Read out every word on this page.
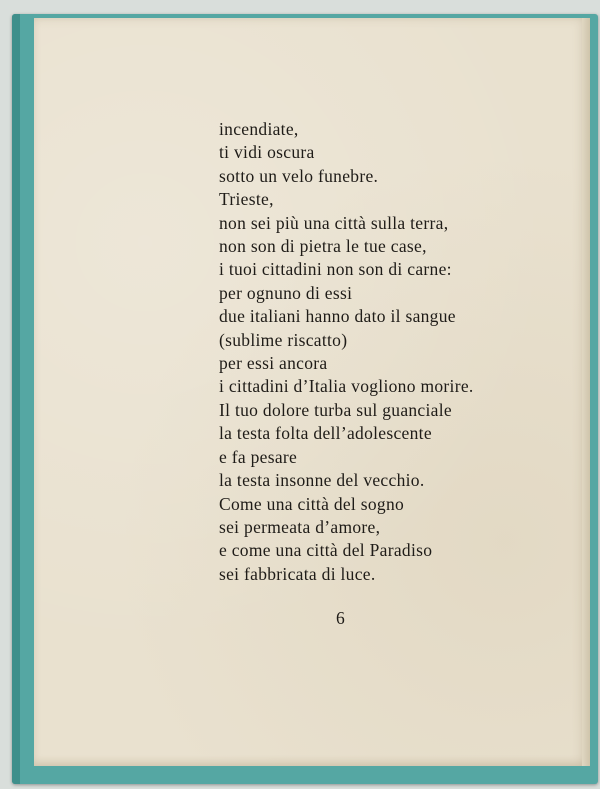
incendiate,
ti vidi oscura
sotto un velo funebre.
Trieste,
non sei più una città sulla terra,
non son di pietra le tue case,
i tuoi cittadini non son di carne:
per ognuno di essi
due italiani hanno dato il sangue
(sublime riscatto)
per essi ancora
i cittadini d’Italia vogliono morire.
Il tuo dolore turba sul guanciale
la testa folta dell’adolescente
e fa pesare
la testa insonne del vecchio.
Come una città del sogno
sei permeata d’amore,
e come una città del Paradiso
sei fabbricata di luce.
6
